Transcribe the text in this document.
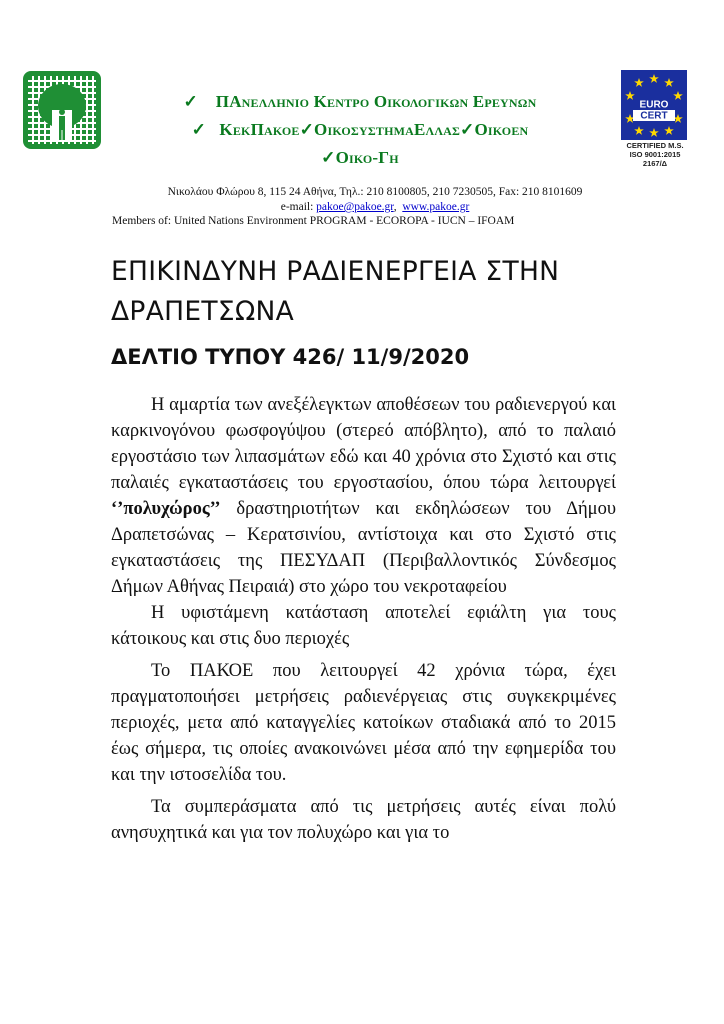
EURO
CERT
CERTIFIED M.S.
ISO 9001:2015
2167/Δ
✓ ΠΑνελληνιο Κεντρο Οικολογικων Ερευνων
✓ ΚεκΠακοε✓ΟικοσυστημαΕλλας✓Οικοεν
✓Οικο-Γη
Νικολάου Φλώρου 8, 115 24 Αθήνα, Τηλ.: 210 8100805, 210 7230505, Fax: 210 8101609
e-mail: pakoe@pakoe.gr,  www.pakoe.gr
Members of: United Nations Environment PROGRAM - ECOROPA - IUCN – IFOAM
ΕΠΙΚΙΝΔΥΝΗ ΡΑΔΙΕΝΕΡΓΕΙΑ ΣΤΗΝ ΔΡΑΠΕΤΣΩΝΑ
ΔΕΛΤΙΟ ΤΥΠΟΥ 426/ 11/9/2020

Η αμαρτία των ανεξέλεγκτων αποθέσεων του ραδιενεργού και καρκινογόνου φωσφογύψου (στερεό απόβλητο), από το παλαιό εργοστάσιο των λιπασμάτων εδώ και 40 χρόνια στο Σχιστό και στις παλαιές εγκαταστάσεις του εργοστασίου, όπου τώρα λειτουργεί ‘’πολυχώρος’’ δραστηριοτήτων και εκδηλώσεων του Δήμου Δραπετσώνας – Κερατσινίου, αντίστοιχα και στο Σχιστό στις εγκαταστάσεις της ΠΕΣΥΔΑΠ (Περιβαλλοντικός Σύνδεσμος Δήμων Αθήνας Πειραιά) στο χώρο του νεκροταφείου

Η υφιστάμενη κατάσταση αποτελεί εφιάλτη για τους κάτοικους και στις δυο περιοχές

Το ΠΑΚΟΕ που λειτουργεί 42 χρόνια τώρα, έχει πραγματοποιήσει μετρήσεις ραδιενέργειας στις συγκεκριμένες περιοχές, μετα από καταγγελίες κατοίκων σταδιακά από το 2015 έως σήμερα, τις οποίες ανακοινώνει μέσα από την εφημερίδα του και την ιστοσελίδα του.

Τα συμπεράσματα από τις μετρήσεις αυτές είναι πολύ ανησυχητικά και για τον πολυχώρο και για το
